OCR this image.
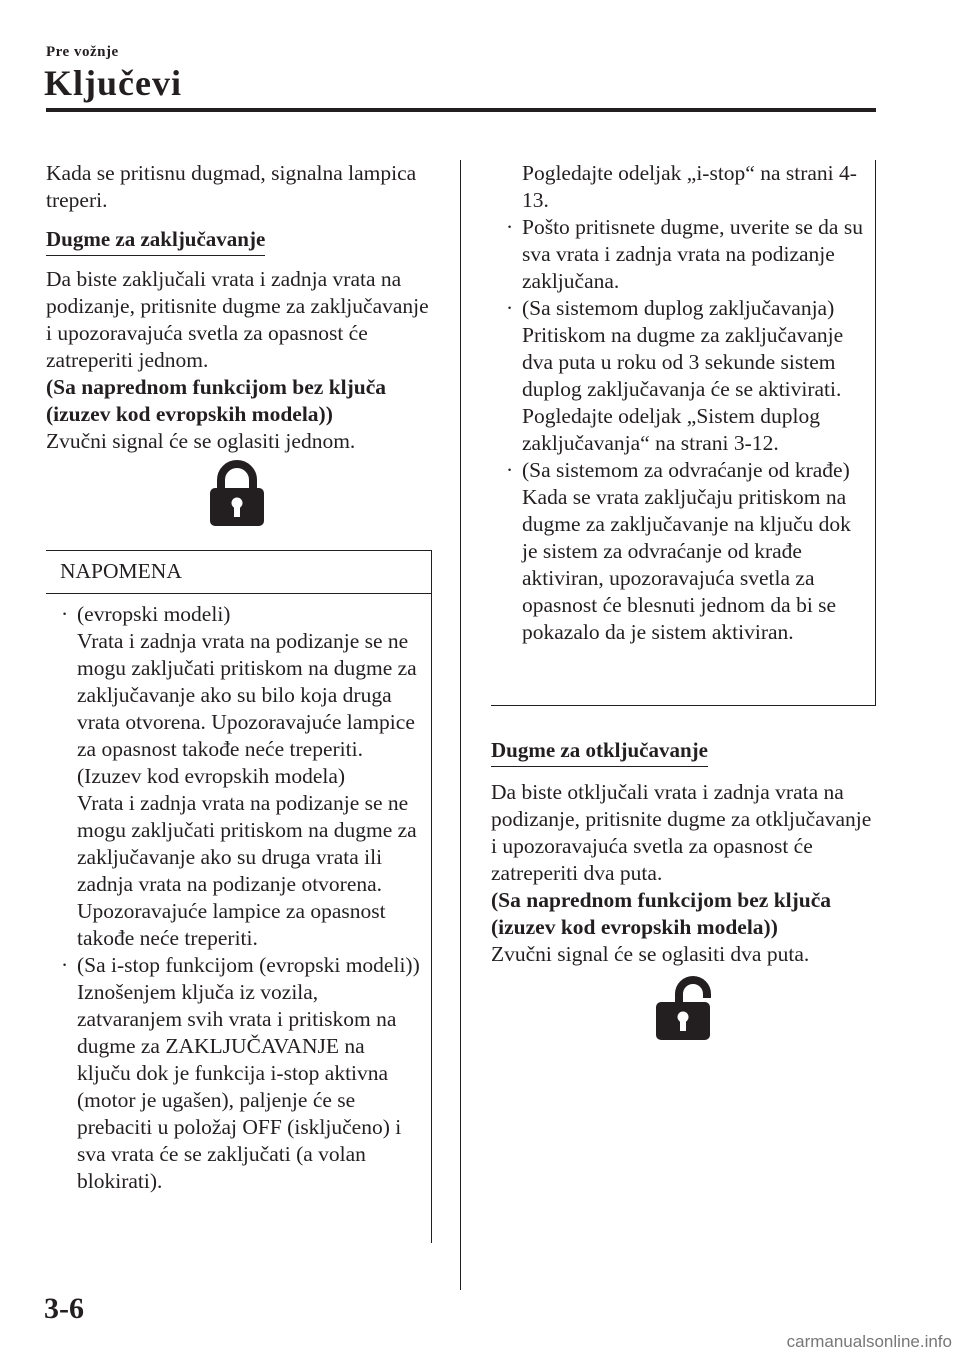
Pre vožnje
Ključevi

Kada se pritisnu dugmad, signalna lampica treperi.

Dugme za zaključavanje

Da biste zaključali vrata i zadnja vrata na podizanje, pritisnite dugme za zaključavanje i upozoravajuća svetla za opasnost će zatreperiti jednom.

(Sa naprednom funkcijom bez ključa (izuzev kod evropskih modela))

Zvučni signal će se oglasiti jednom.

NAPOMENA
· (evropski modeli)
Vrata i zadnja vrata na podizanje se ne mogu zaključati pritiskom na dugme za zaključavanje ako su bilo koja druga vrata otvorena. Upozoravajuće lampice za opasnost takođe neće treperiti.
(Izuzev kod evropskih modela)
Vrata i zadnja vrata na podizanje se ne mogu zaključati pritiskom na dugme za zaključavanje ako su druga vrata ili zadnja vrata na podizanje otvorena. Upozoravajuće lampice za opasnost takođe neće treperiti.
· (Sa i-stop funkcijom (evropski modeli))
Iznošenjem ključa iz vozila, zatvaranjem svih vrata i pritiskom na dugme za ZAKLJUČAVANJE na ključu dok je funkcija i-stop aktivna (motor je ugašen), paljenje će se prebaciti u položaj OFF (isključeno) i sva vrata će se zaključati (a volan blokirati).
Pogledajte odeljak „i-stop“ na strani 4-13.
· Pošto pritisnete dugme, uverite se da su sva vrata i zadnja vrata na podizanje zaključana.
· (Sa sistemom duplog zaključavanja)
Pritiskom na dugme za zaključavanje dva puta u roku od 3 sekunde sistem duplog zaključavanja će se aktivirati. Pogledajte odeljak „Sistem duplog zaključavanja“ na strani 3-12.
· (Sa sistemom za odvraćanje od krađe)
Kada se vrata zaključaju pritiskom na dugme za zaključavanje na ključu dok je sistem za odvraćanje od krađe aktiviran, upozoravajuća svetla za opasnost će blesnuti jednom da bi se pokazalo da je sistem aktiviran.

Dugme za otključavanje

Da biste otključali vrata i zadnja vrata na podizanje, pritisnite dugme za otključavanje i upozoravajuća svetla za opasnost će zatreperiti dva puta.

(Sa naprednom funkcijom bez ključa (izuzev kod evropskih modela))

Zvučni signal će se oglasiti dva puta.

3-6
carmanualsonline.info
